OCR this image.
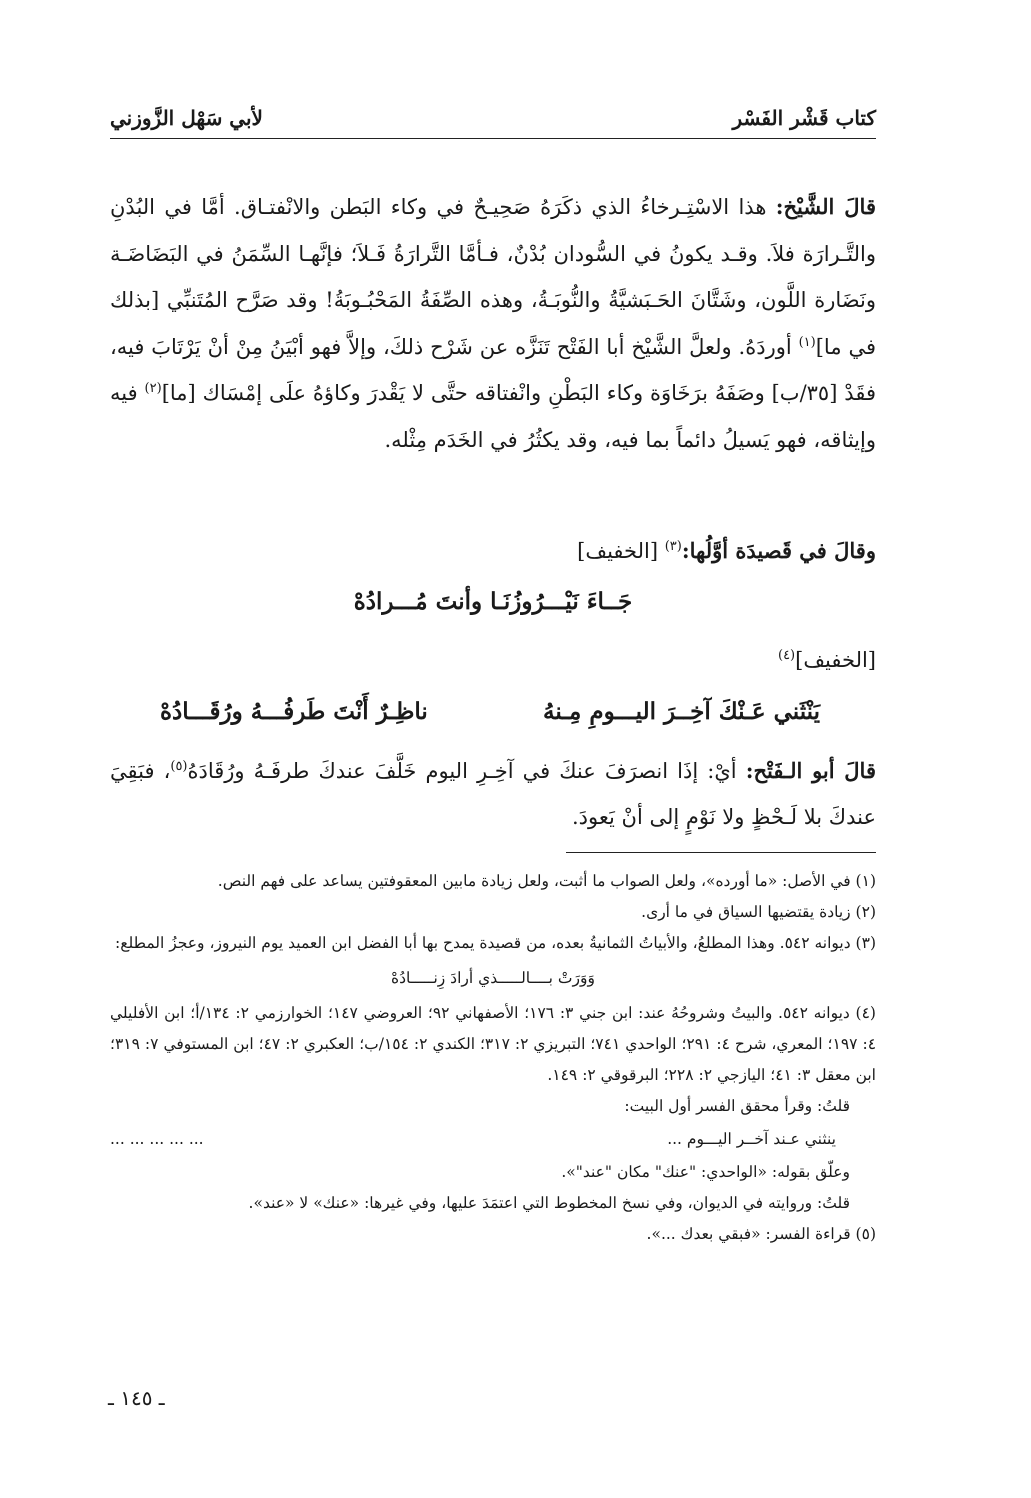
كتاب قَشْر الفَسْر
لأبي سَهْل الزَّوزني
قالَ الشَّيْخ: هذا الاسْتِـرخاءُ الذي ذكَرَهُ صَحِيـحٌ في وكاء البَطن والانْفتـاق. أمَّا في البُدْنِ والتَّـرارَة فلاَ. وقـد يكونُ في السُّودان بُدْنٌ، فـأمَّا التَّرارَةُ فَـلاَ؛ فإنَّهـا السِّمَنُ في البَضَاضَـة ونَضَارة اللَّون، وشَتَّانَ الحَـبَشيَّةُ والنُّوبَـةُ، وهذه الصِّفَةُ المَحْبُـوبَةُ! وقد صَرَّح المُتَنبِّي [بذلك في ما]$^{(١)}$ أوردَهُ. ولعلَّ الشَّيْخ أبا الفَتْح تَنَزَّه عن شَرْح ذلكَ، وإلاَّ فهو أبْيَنُ مِنْ أنْ يَرْتَابَ فيه، فقَدْ [٣٥/ب] وصَفَهُ برَخَاوَة وكاء البَطْنِ وانْفتاقه حتَّى لا يَقْدرَ وكاؤهُ علَى إمْسَاك [ما]$^{(٢)}$ فيه وإيثاقه، فهو يَسيلُ دائماً بما فيه، وقد يكثُرُ في الخَدَم مِثْله.
وقالَ في قَصيدَة أوَّلُها:$^{(٣)}$ [الخفيف]
جَــاءَ نَيْـــرُوزُنَـا وأنتَ مُـــرادُهْ
[الخفيف]$^{(٤)}$
يَنْثَني عَـنْكَ آخِــرَ اليـــومِ مِـنهُ
ناظِـرٌ أَنْتَ طَرفُـــهُ ورُقَـــادُهْ
قالَ أبو الـفَتْح: أيْ: إذَا انصرَفَ عنكَ في آخِـرِ اليوم خَلَّفَ عندكَ طرفَـهُ ورُقَادَهُ$^{(٥)}$، فبَقِيَ عندكَ بلا لَـحْظٍ ولا نَوْمٍ إلى أنْ يَعودَ.

(١) في الأصل: «ما أورده»، ولعل الصواب ما أثبت، ولعل زيادة مابين المعقوفتين يساعد على فهم النص.

(٢) زيادة يقتضيها السياق في ما أرى.

(٣) ديوانه ٥٤٢. وهذا المطلعُ، والأبياتُ الثمانيةُ بعده، من قصيدة يمدح بها أبا الفضل ابن العميد يوم النيروز، وعجزُ المطلع:

وَوَرَتْ بــــالـــــذي أرادَ زِنـــــادُهْ

(٤) ديوانه ٥٤٢. والبيتُ وشروحُهُ عند: ابن جني ٣: ١٧٦؛ الأصفهاني ٩٢؛ العروضي ١٤٧؛ الخوارزمي ٢: ١٣٤/أ؛ ابن الأفليلي ٤: ١٩٧؛ المعري، شرح ٤: ٢٩١؛ الواحدي ٧٤١؛ التبريزي ٢: ٣١٧؛ الكندي ٢: ١٥٤/ب؛ العكبري ٢: ٤٧؛ ابن المستوفي ٧: ٣١٩؛ ابن معقل ٣: ٤١؛ اليازجي ٢: ٢٢٨؛ البرقوقي ٢: ١٤٩.

قلتُ: وقرأ محقق الفسر أول البيت:

ينثني عـند آخــر اليـــوم ...
... ... ... ... ...

وعلّق بقوله: «الواحدي: "عنك" مكان "عند"».

قلتُ: وروايته في الديوان، وفي نسخ المخطوط التي اعتمَدَ عليها، وفي غيرها: «عنك» لا «عند».

(٥) قراءة الفسر: «فبقي بعدك ...».

ـ ١٤٥ ـ
